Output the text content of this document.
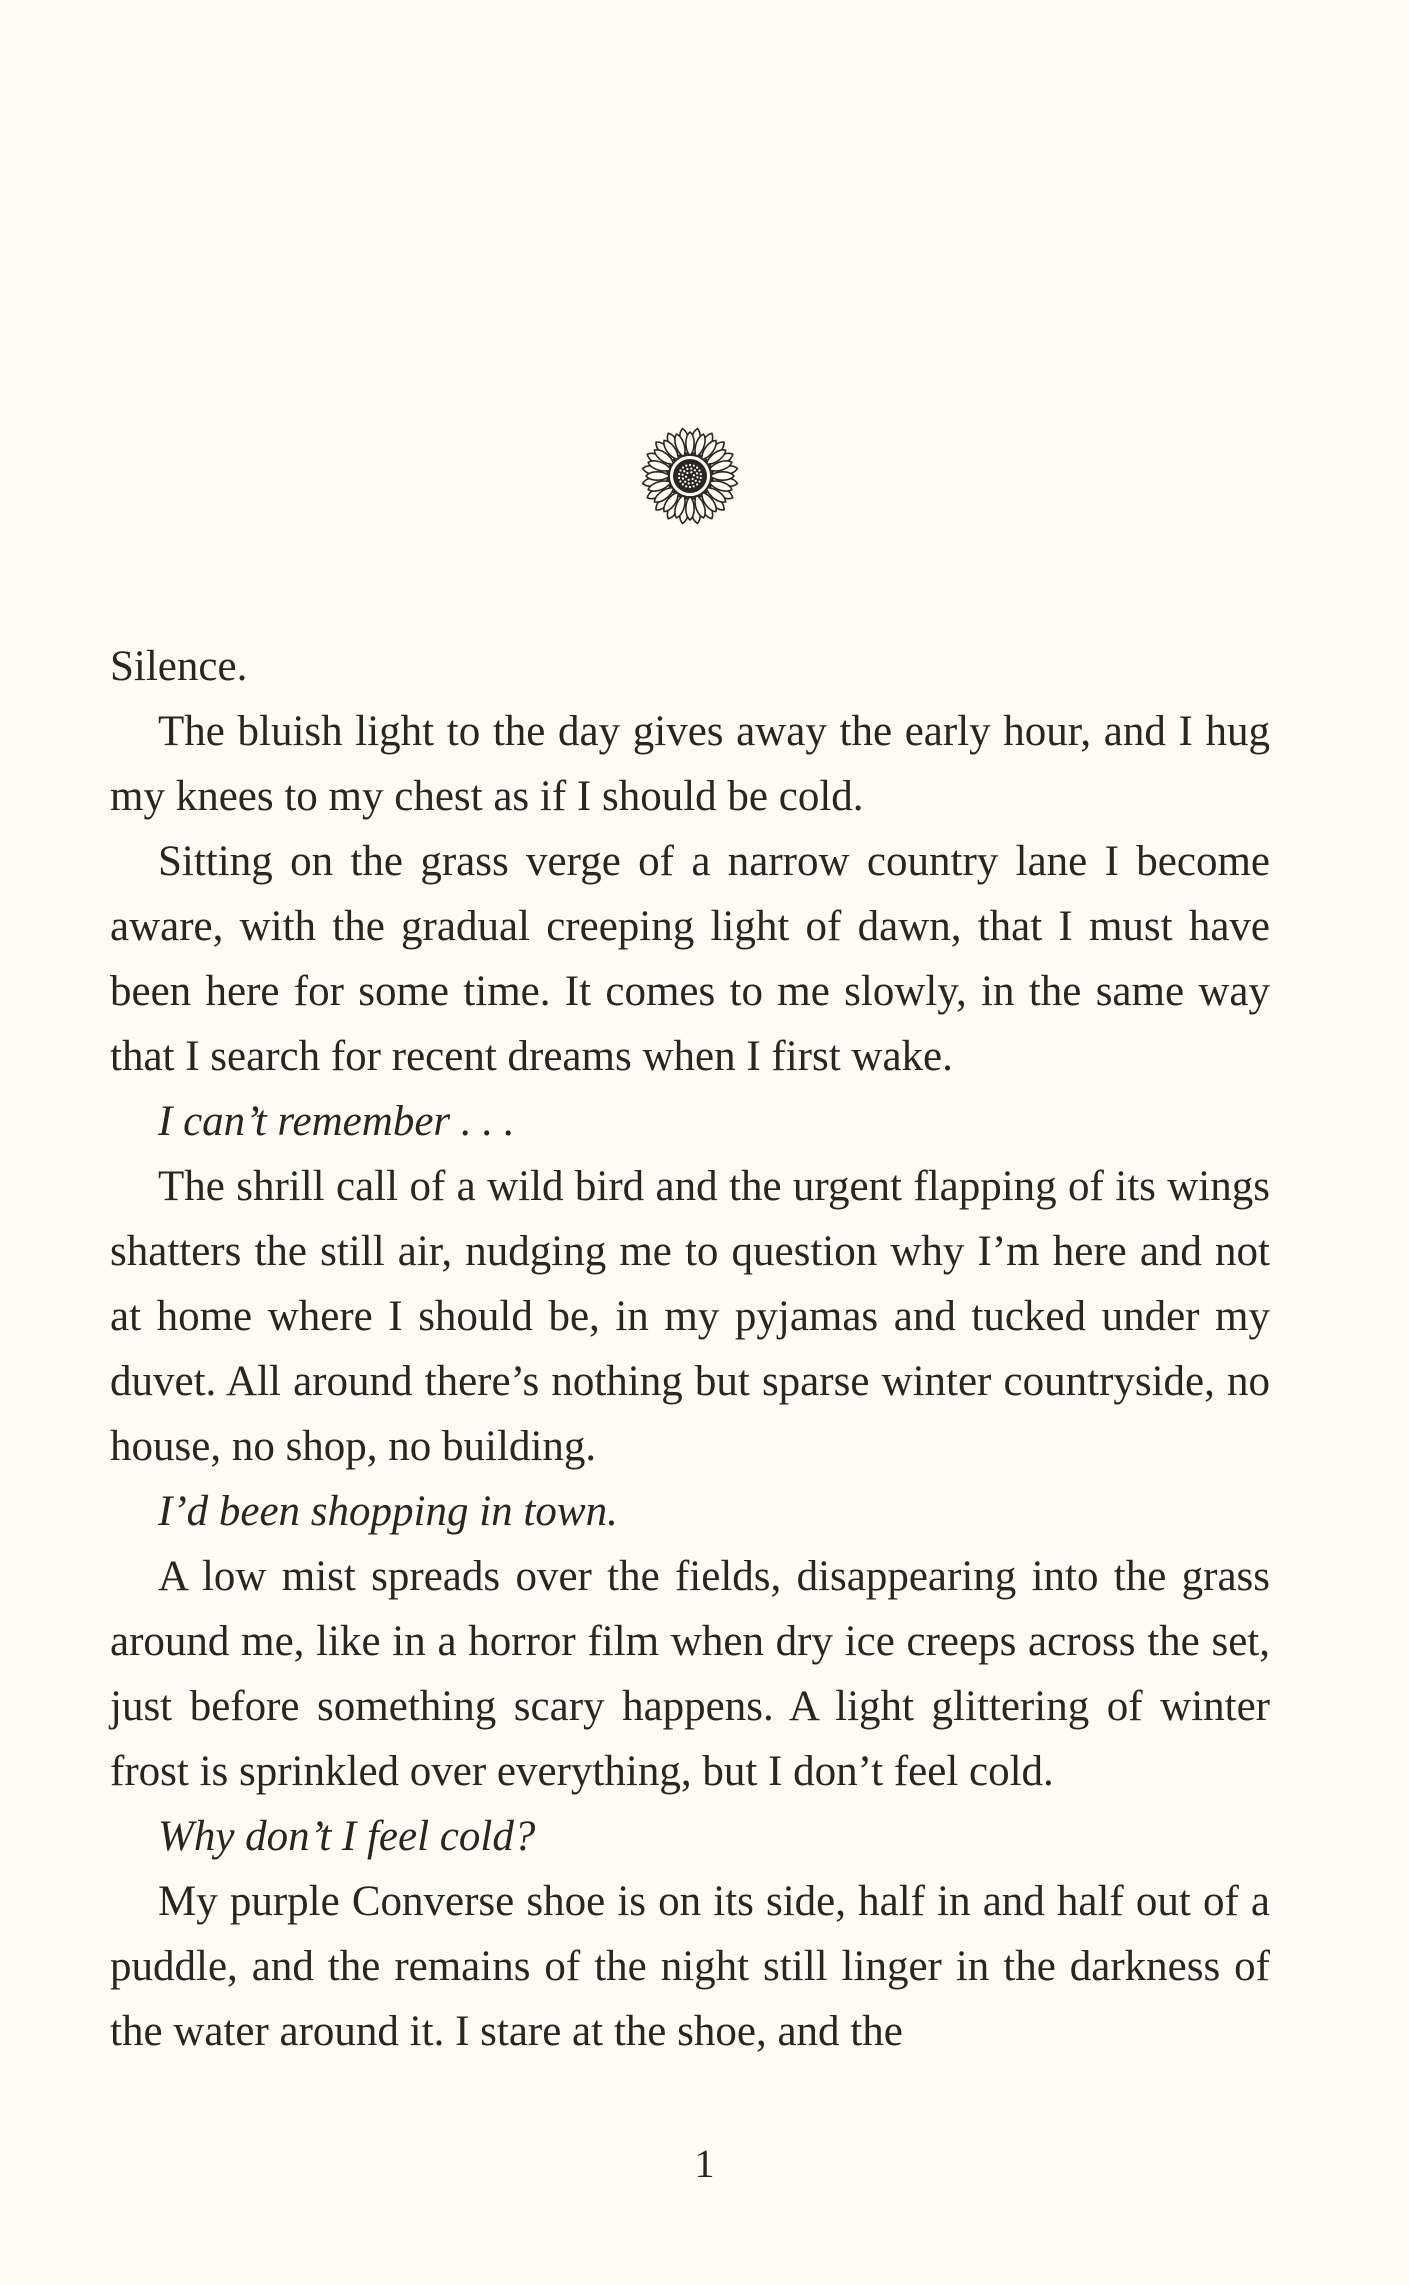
Silence.

The bluish light to the day gives away the early hour, and I hug my knees to my chest as if I should be cold.

Sitting on the grass verge of a narrow country lane I become aware, with the gradual creeping light of dawn, that I must have been here for some time. It comes to me slowly, in the same way that I search for recent dreams when I first wake.

I can’t remember . . .

The shrill call of a wild bird and the urgent flapping of its wings shatters the still air, nudging me to question why I’m here and not at home where I should be, in my pyjamas and tucked under my duvet. All around there’s nothing but sparse winter countryside, no house, no shop, no building.

I’d been shopping in town.

A low mist spreads over the fields, disappearing into the grass around me, like in a horror film when dry ice creeps across the set, just before something scary happens. A light glittering of winter frost is sprinkled over everything, but I don’t feel cold.

Why don’t I feel cold?

My purple Converse shoe is on its side, half in and half out of a puddle, and the remains of the night still linger in the darkness of the water around it. I stare at the shoe, and the

1
